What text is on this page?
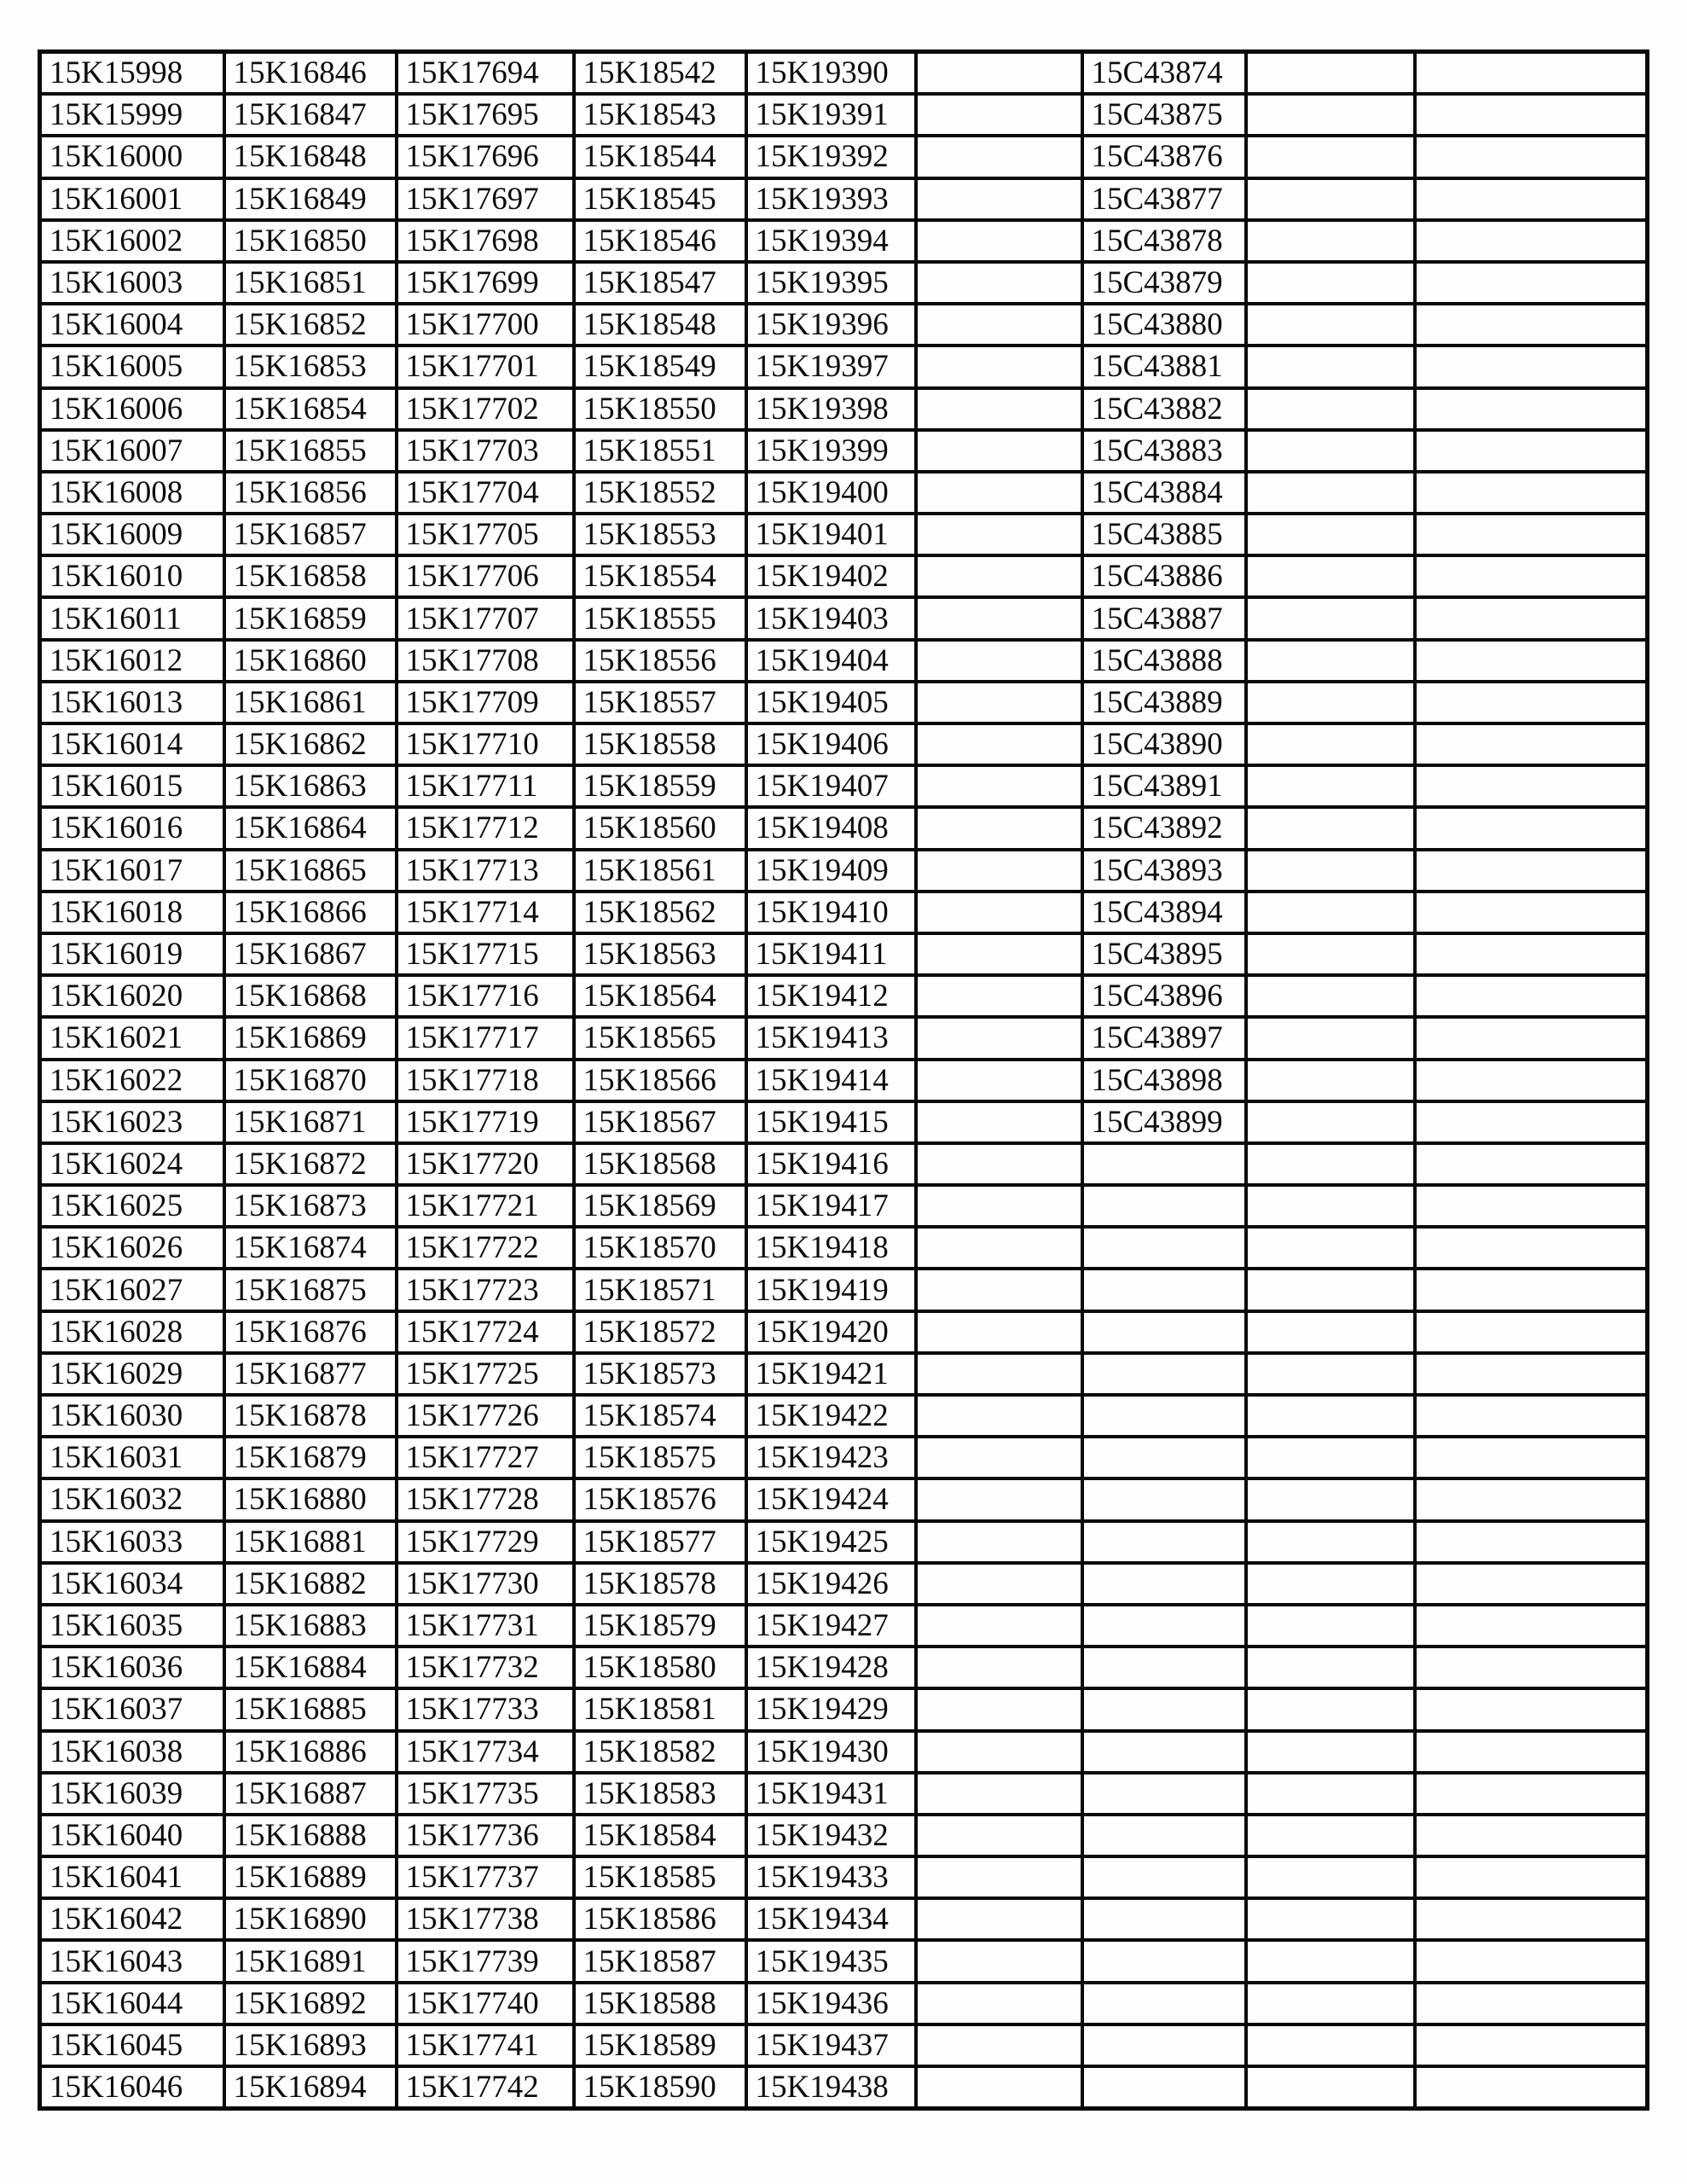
15K15998	15K16846	15K17694	15K18542	15K19390		15C43874		
15K15999	15K16847	15K17695	15K18543	15K19391		15C43875		
15K16000	15K16848	15K17696	15K18544	15K19392		15C43876		
15K16001	15K16849	15K17697	15K18545	15K19393		15C43877		
15K16002	15K16850	15K17698	15K18546	15K19394		15C43878		
15K16003	15K16851	15K17699	15K18547	15K19395		15C43879		
15K16004	15K16852	15K17700	15K18548	15K19396		15C43880		
15K16005	15K16853	15K17701	15K18549	15K19397		15C43881		
15K16006	15K16854	15K17702	15K18550	15K19398		15C43882		
15K16007	15K16855	15K17703	15K18551	15K19399		15C43883		
15K16008	15K16856	15K17704	15K18552	15K19400		15C43884		
15K16009	15K16857	15K17705	15K18553	15K19401		15C43885		
15K16010	15K16858	15K17706	15K18554	15K19402		15C43886		
15K16011	15K16859	15K17707	15K18555	15K19403		15C43887		
15K16012	15K16860	15K17708	15K18556	15K19404		15C43888		
15K16013	15K16861	15K17709	15K18557	15K19405		15C43889		
15K16014	15K16862	15K17710	15K18558	15K19406		15C43890		
15K16015	15K16863	15K17711	15K18559	15K19407		15C43891		
15K16016	15K16864	15K17712	15K18560	15K19408		15C43892		
15K16017	15K16865	15K17713	15K18561	15K19409		15C43893		
15K16018	15K16866	15K17714	15K18562	15K19410		15C43894		
15K16019	15K16867	15K17715	15K18563	15K19411		15C43895		
15K16020	15K16868	15K17716	15K18564	15K19412		15C43896		
15K16021	15K16869	15K17717	15K18565	15K19413		15C43897		
15K16022	15K16870	15K17718	15K18566	15K19414		15C43898		
15K16023	15K16871	15K17719	15K18567	15K19415		15C43899		
15K16024	15K16872	15K17720	15K18568	15K19416				
15K16025	15K16873	15K17721	15K18569	15K19417				
15K16026	15K16874	15K17722	15K18570	15K19418				
15K16027	15K16875	15K17723	15K18571	15K19419				
15K16028	15K16876	15K17724	15K18572	15K19420				
15K16029	15K16877	15K17725	15K18573	15K19421				
15K16030	15K16878	15K17726	15K18574	15K19422				
15K16031	15K16879	15K17727	15K18575	15K19423				
15K16032	15K16880	15K17728	15K18576	15K19424				
15K16033	15K16881	15K17729	15K18577	15K19425				
15K16034	15K16882	15K17730	15K18578	15K19426				
15K16035	15K16883	15K17731	15K18579	15K19427				
15K16036	15K16884	15K17732	15K18580	15K19428				
15K16037	15K16885	15K17733	15K18581	15K19429				
15K16038	15K16886	15K17734	15K18582	15K19430				
15K16039	15K16887	15K17735	15K18583	15K19431				
15K16040	15K16888	15K17736	15K18584	15K19432				
15K16041	15K16889	15K17737	15K18585	15K19433				
15K16042	15K16890	15K17738	15K18586	15K19434				
15K16043	15K16891	15K17739	15K18587	15K19435				
15K16044	15K16892	15K17740	15K18588	15K19436				
15K16045	15K16893	15K17741	15K18589	15K19437				
15K16046	15K16894	15K17742	15K18590	15K19438				
